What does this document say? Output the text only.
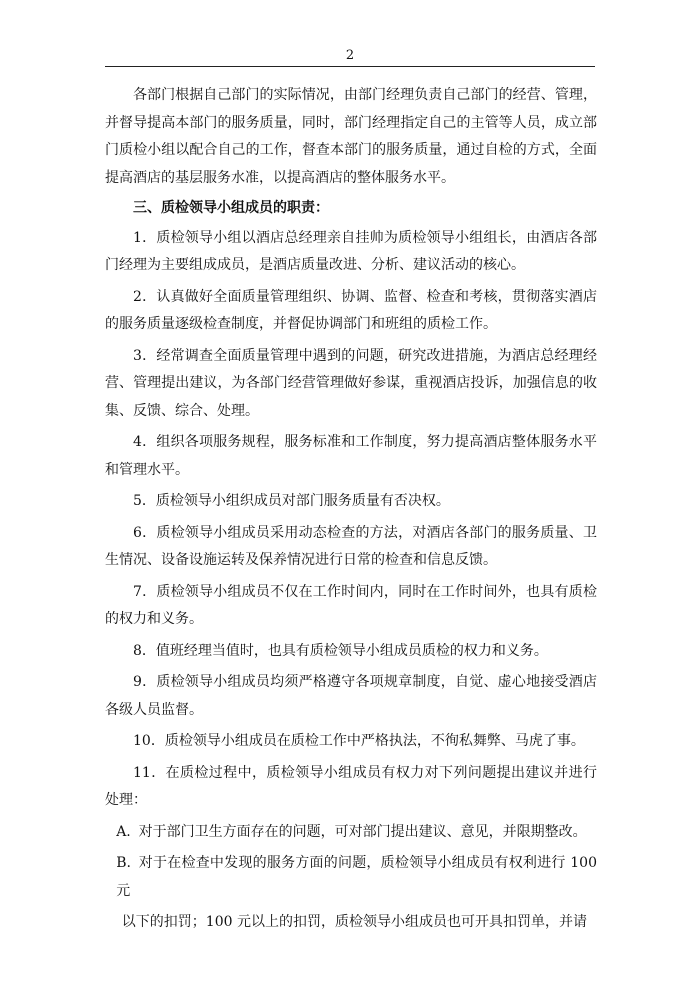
2

各部门根据自己部门的实际情况，由部门经理负责自己部门的经营、管理，并督导提高本部门的服务质量，同时，部门经理指定自己的主管等人员，成立部门质检小组以配合自己的工作，督查本部门的服务质量，通过自检的方式，全面提高酒店的基层服务水准，以提高酒店的整体服务水平。

三、质检领导小组成员的职责：

1．质检领导小组以酒店总经理亲自挂帅为质检领导小组组长，由酒店各部门经理为主要组成成员，是酒店质量改进、分析、建议活动的核心。

2．认真做好全面质量管理组织、协调、监督、检查和考核，贯彻落实酒店的服务质量逐级检查制度，并督促协调部门和班组的质检工作。

3．经常调查全面质量管理中遇到的问题，研究改进措施，为酒店总经理经营、管理提出建议，为各部门经营管理做好参谋，重视酒店投诉，加强信息的收集、反馈、综合、处理。

4．组织各项服务规程，服务标准和工作制度，努力提高酒店整体服务水平和管理水平。

5．质检领导小组织成员对部门服务质量有否决权。

6．质检领导小组成员采用动态检查的方法，对酒店各部门的服务质量、卫生情况、设备设施运转及保养情况进行日常的检查和信息反馈。

7．质检领导小组成员不仅在工作时间内，同时在工作时间外，也具有质检的权力和义务。

8．值班经理当值时，也具有质检领导小组成员质检的权力和义务。

9．质检领导小组成员均须严格遵守各项规章制度，自觉、虚心地接受酒店各级人员监督。

10．质检领导小组成员在质检工作中严格执法，不徇私舞弊、马虎了事。

11．在质检过程中，质检领导小组成员有权力对下列问题提出建议并进行处理：

A. 对于部门卫生方面存在的问题，可对部门提出建议、意见，并限期整改。

B. 对于在检查中发现的服务方面的问题，质检领导小组成员有权利进行 100 元

以下的扣罚；100 元以上的扣罚，质检领导小组成员也可开具扣罚单，并请
